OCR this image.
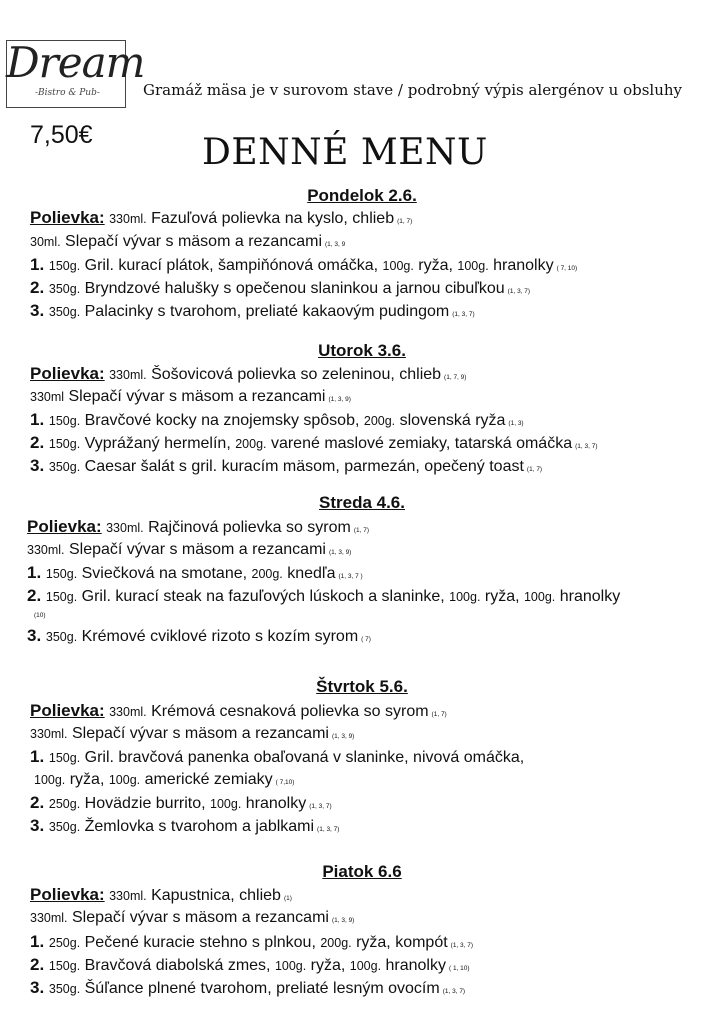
Dream
-Bistro & Pub-	Gramáž mäsa je v surovom stave / podrobný výpis alergénov u obsluhy
7,50€	DENNÉ MENU
Pondelok 2.6.
Polievka: 330ml. Fazuľová polievka na kyslo, chlieb (1, 7)
30ml. Slepačí vývar s mäsom a rezancami (1, 3, 9
1. 150g. Gril. kurací plátok, šampiňónová omáčka, 100g. ryža, 100g. hranolky ( 7, 10)
2. 350g. Bryndzové halušky s opečenou slaninkou a jarnou cibuľkou (1, 3, 7)
3. 350g. Palacinky s tvarohom, preliaté kakaovým pudingom (1, 3, 7)
Utorok 3.6.
Polievka: 330ml. Šošovicová polievka so zeleninou, chlieb (1, 7, 9)
330ml Slepačí vývar s mäsom a rezancami (1, 3, 9)
1. 150g. Bravčové kocky na znojemsky spôsob, 200g. slovenská ryža (1, 3)
2. 150g. Vyprážaný hermelín, 200g. varené maslové zemiaky, tatarská omáčka (1, 3, 7)
3. 350g. Caesar šalát s gril. kuracím mäsom, parmezán, opečený toast (1, 7)
Streda 4.6.
Polievka: 330ml. Rajčinová polievka so syrom (1, 7)
330ml. Slepačí vývar s mäsom a rezancami (1, 3, 9)
1. 150g. Sviečková na smotane, 200g. knedľa (1, 3, 7 )
2. 150g. Gril. kurací steak na fazuľových lúskoch a slaninke, 100g. ryža, 100g. hranolky
(10)
3. 350g. Krémové cviklové rizoto s kozím syrom ( 7)
Štvrtok 5.6.
Polievka: 330ml. Krémová cesnaková polievka so syrom (1, 7)
330ml. Slepačí vývar s mäsom a rezancami (1, 3, 9)
1. 150g. Gril. bravčová panenka obaľovaná v slaninke, nivová omáčka,
100g. ryža, 100g. americké zemiaky ( 7,10)
2. 250g. Hovädzie burrito, 100g. hranolky (1, 3, 7)
3. 350g. Žemlovka s tvarohom a jablkami (1, 3, 7)
Piatok 6.6
Polievka: 330ml. Kapustnica, chlieb (1)
330ml. Slepačí vývar s mäsom a rezancami (1, 3, 9)
1. 250g. Pečené kuracie stehno s plnkou, 200g. ryža, kompót (1, 3, 7)
2. 150g. Bravčová diabolská zmes, 100g. ryža, 100g. hranolky ( 1, 10)
3. 350g. Šúľance plnené tvarohom, preliaté lesným ovocím (1, 3, 7)
